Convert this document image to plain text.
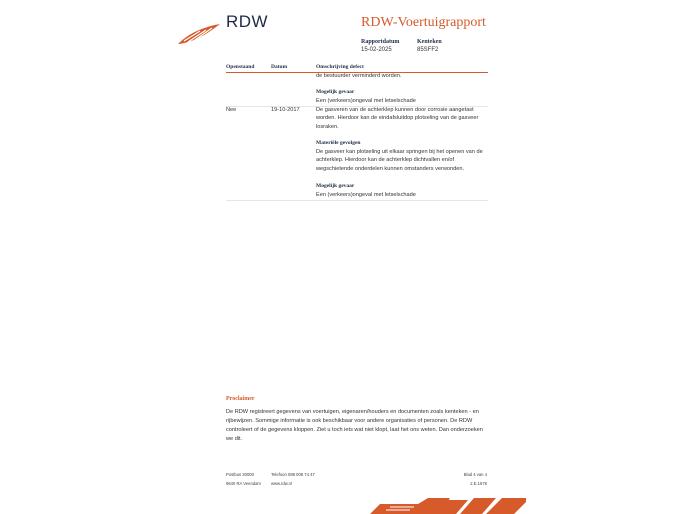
RDW	RDW-Voertuigrapport
Rapportdatum
15-02-2025
Kenteken
85SFF2
Openstaand	Datum	Omschrijving defect
de bestuurder verminderd worden.
Mogelijk gevaar
Een (verkeers)ongeval met letselschade
Nee	19-10-2017	De gasveren van de achterklep kunnen door corrosie aangetast worden. Hierdoor kan de eindafsluitdop plotseling van de gasveer losraken.
Materiële gevolgen
De gasveer kan plotseling uit elkaar springen bij het openen van de achterklep. Hierdoor kan de achterklep dichtvallen en/of wegschietende onderdelen kunnen omstanders verwonden.
Mogelijk gevaar
Een (verkeers)ongeval met letselschade
Proclaimer
De RDW registreert gegevens van voertuigen, eigenaren/houders en documenten zoals kenteken - en rijbewijzen. Sommige informatie is ook beschikbaar voor andere organisaties of personen. De RDW controleert of de gegevens kloppen. Ziet u toch iets wat niet klopt, laat het ons weten. Dan onderzoeken we dit.
Postbus 30000
9640 RA Veendam
Telefoon 088 008 74 47
www.rdw.nl
Blad 4 van 4
2.E.1678
